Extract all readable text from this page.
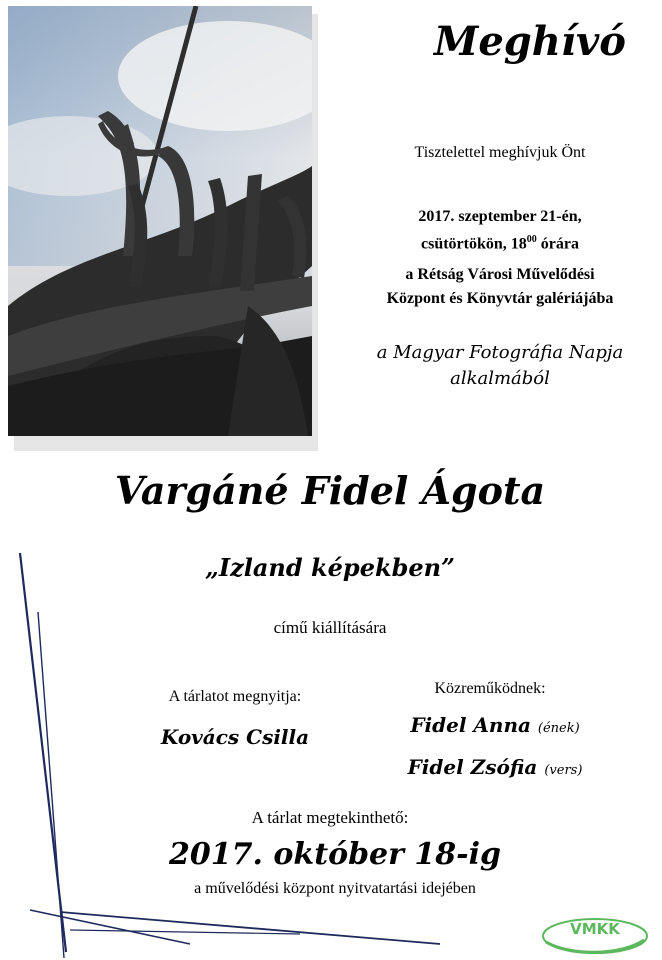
Meghívó
Tisztelettel meghívjuk Önt
2017. szeptember 21-én,
csütörtökön, $18^{00}$ órára
a Rétság Városi Művelődési
Központ és Könyvtár galériájába
a Magyar Fotográfia Napja
alkalmából
Vargáné Fidel Ágota
„Izland képekben”
című kiállítására
A tárlatot megnyitja:
Kovács Csilla
Közreműködnek:
Fidel Anna (ének)
Fidel Zsófia (vers)
A tárlat megtekinthető:
2017. október 18-ig
a művelődési központ nyitvatartási idejében
VMKK
